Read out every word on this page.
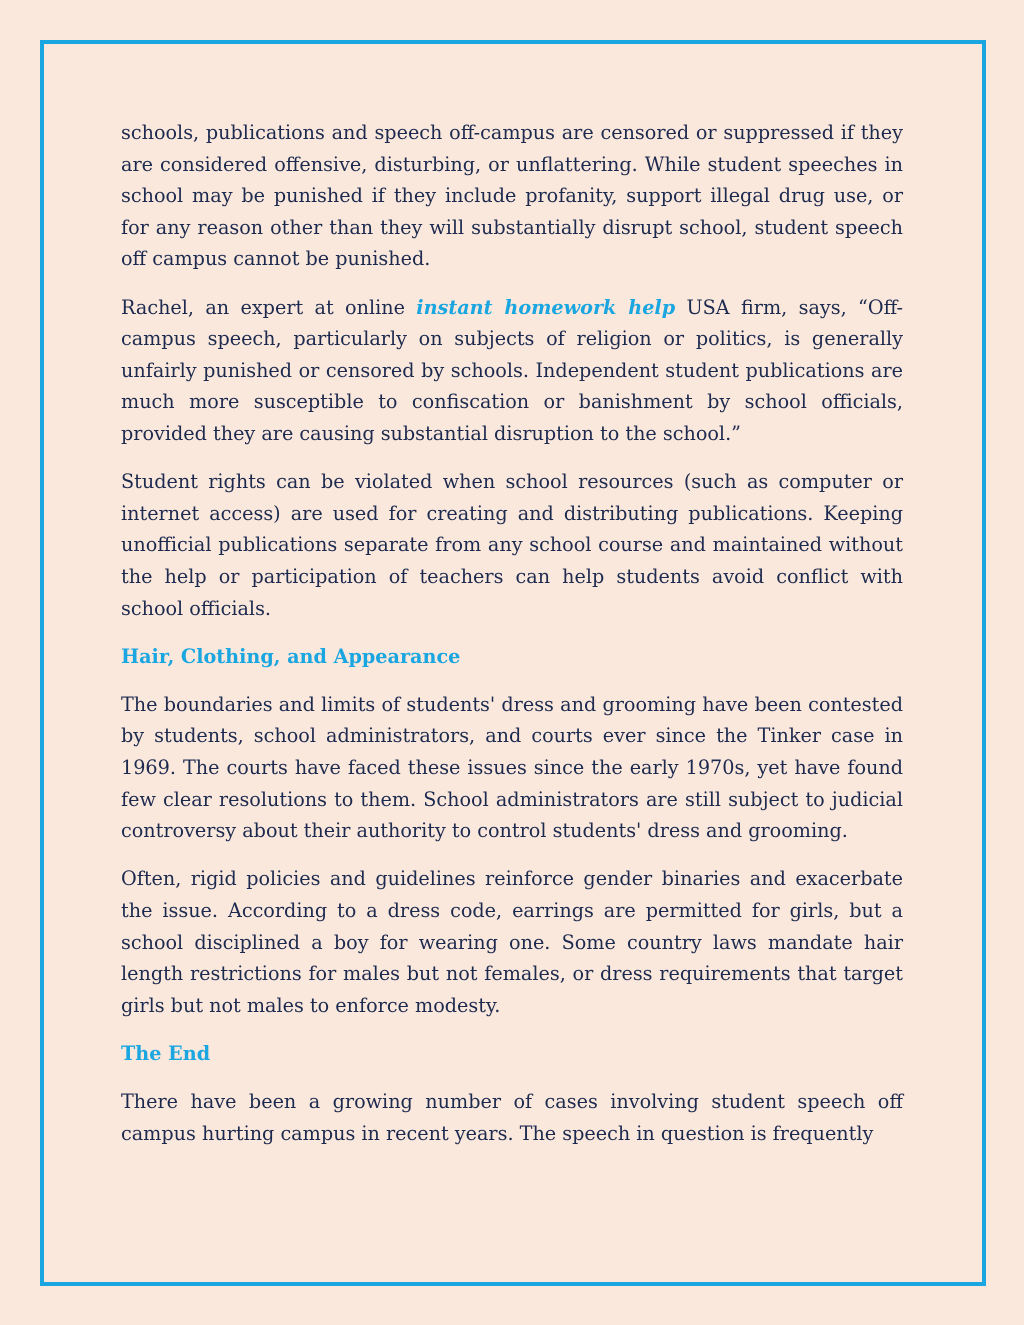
schools, publications and speech off-campus are censored or suppressed if they are considered offensive, disturbing, or unflattering. While student speeches in school may be punished if they include profanity, support illegal drug use, or for any reason other than they will substantially disrupt school, student speech off campus cannot be punished.

Rachel, an expert at online instant homework help USA firm, says, “Off-campus speech, particularly on subjects of religion or politics, is generally unfairly punished or censored by schools. Independent student publications are much more susceptible to confiscation or banishment by school officials, provided they are causing substantial disruption to the school.”

Student rights can be violated when school resources (such as computer or internet access) are used for creating and distributing publications. Keeping unofficial publications separate from any school course and maintained without the help or participation of teachers can help students avoid conflict with school officials.

Hair, Clothing, and Appearance

The boundaries and limits of students' dress and grooming have been contested by students, school administrators, and courts ever since the Tinker case in 1969. The courts have faced these issues since the early 1970s, yet have found few clear resolutions to them. School administrators are still subject to judicial controversy about their authority to control students' dress and grooming.

Often, rigid policies and guidelines reinforce gender binaries and exacerbate the issue. According to a dress code, earrings are permitted for girls, but a school disciplined a boy for wearing one. Some country laws mandate hair length restrictions for males but not females, or dress requirements that target girls but not males to enforce modesty.

The End

There have been a growing number of cases involving student speech off campus hurting campus in recent years. The speech in question is frequently
